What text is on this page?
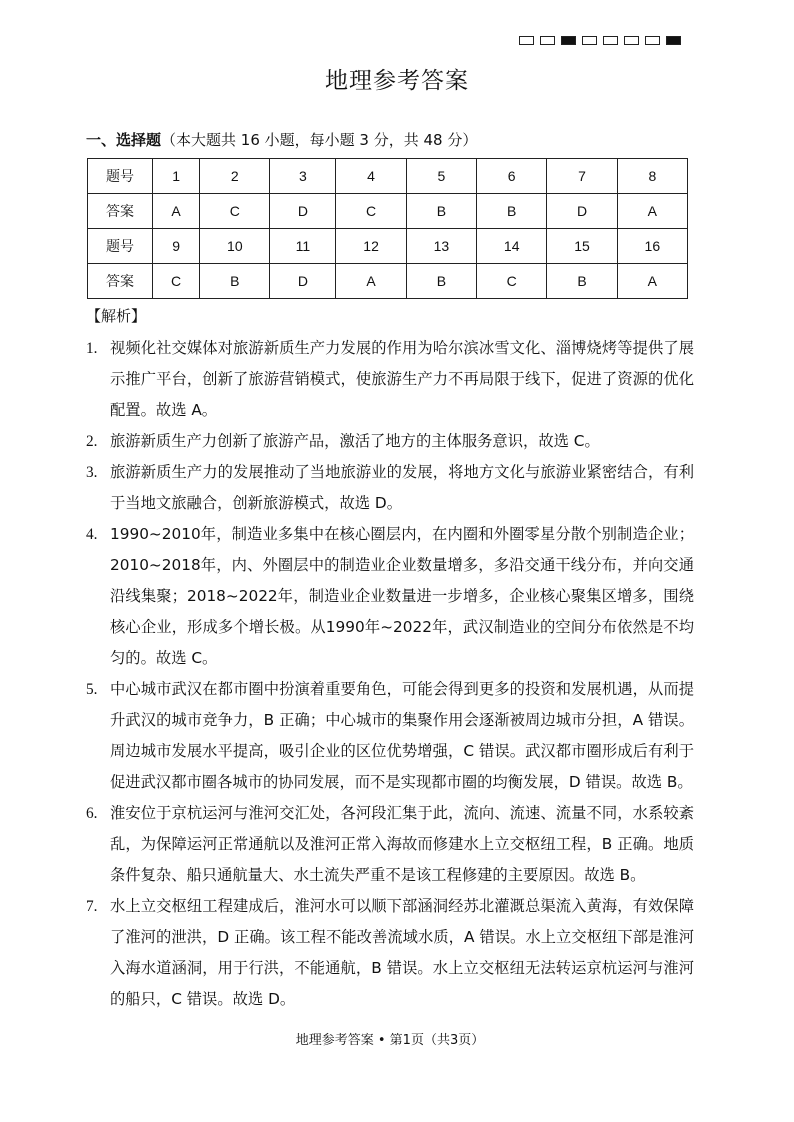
地理参考答案
一、选择题（本大题共 16 小题，每小题 3 分，共 48 分）
题号	1	2	3	4	5	6	7	8
答案	A	C	D	C	B	B	D	A
题号	9	10	11	12	13	14	15	16
答案	C	B	D	A	B	C	B	A
【解析】
1. 视频化社交媒体对旅游新质生产力发展的作用为哈尔滨冰雪文化、淄博烧烤等提供了展示推广平台，创新了旅游营销模式，使旅游生产力不再局限于线下，促进了资源的优化配置。故选 A。
2. 旅游新质生产力创新了旅游产品，激活了地方的主体服务意识，故选 C。
3. 旅游新质生产力的发展推动了当地旅游业的发展，将地方文化与旅游业紧密结合，有利于当地文旅融合，创新旅游模式，故选 D。
4. 1990~2010年，制造业多集中在核心圈层内，在内圈和外圈零星分散个别制造企业；2010~2018年，内、外圈层中的制造业企业数量增多，多沿交通干线分布，并向交通沿线集聚；2018~2022年，制造业企业数量进一步增多，企业核心聚集区增多，围绕核心企业，形成多个增长极。从1990年~2022年，武汉制造业的空间分布依然是不均匀的。故选 C。
5. 中心城市武汉在都市圈中扮演着重要角色，可能会得到更多的投资和发展机遇，从而提升武汉的城市竞争力，B 正确；中心城市的集聚作用会逐渐被周边城市分担，A 错误。周边城市发展水平提高，吸引企业的区位优势增强，C 错误。武汉都市圈形成后有利于促进武汉都市圈各城市的协同发展，而不是实现都市圈的均衡发展，D 错误。故选 B。
6. 淮安位于京杭运河与淮河交汇处，各河段汇集于此，流向、流速、流量不同，水系较紊乱，为保障运河正常通航以及淮河正常入海故而修建水上立交枢纽工程，B 正确。地质条件复杂、船只通航量大、水土流失严重不是该工程修建的主要原因。故选 B。
7. 水上立交枢纽工程建成后，淮河水可以顺下部涵洞经苏北灌溉总渠流入黄海，有效保障了淮河的泄洪，D 正确。该工程不能改善流域水质，A 错误。水上立交枢纽下部是淮河入海水道涵洞，用于行洪，不能通航，B 错误。水上立交枢纽无法转运京杭运河与淮河的船只，C 错误。故选 D。
地理参考答案 • 第1页（共3页）
